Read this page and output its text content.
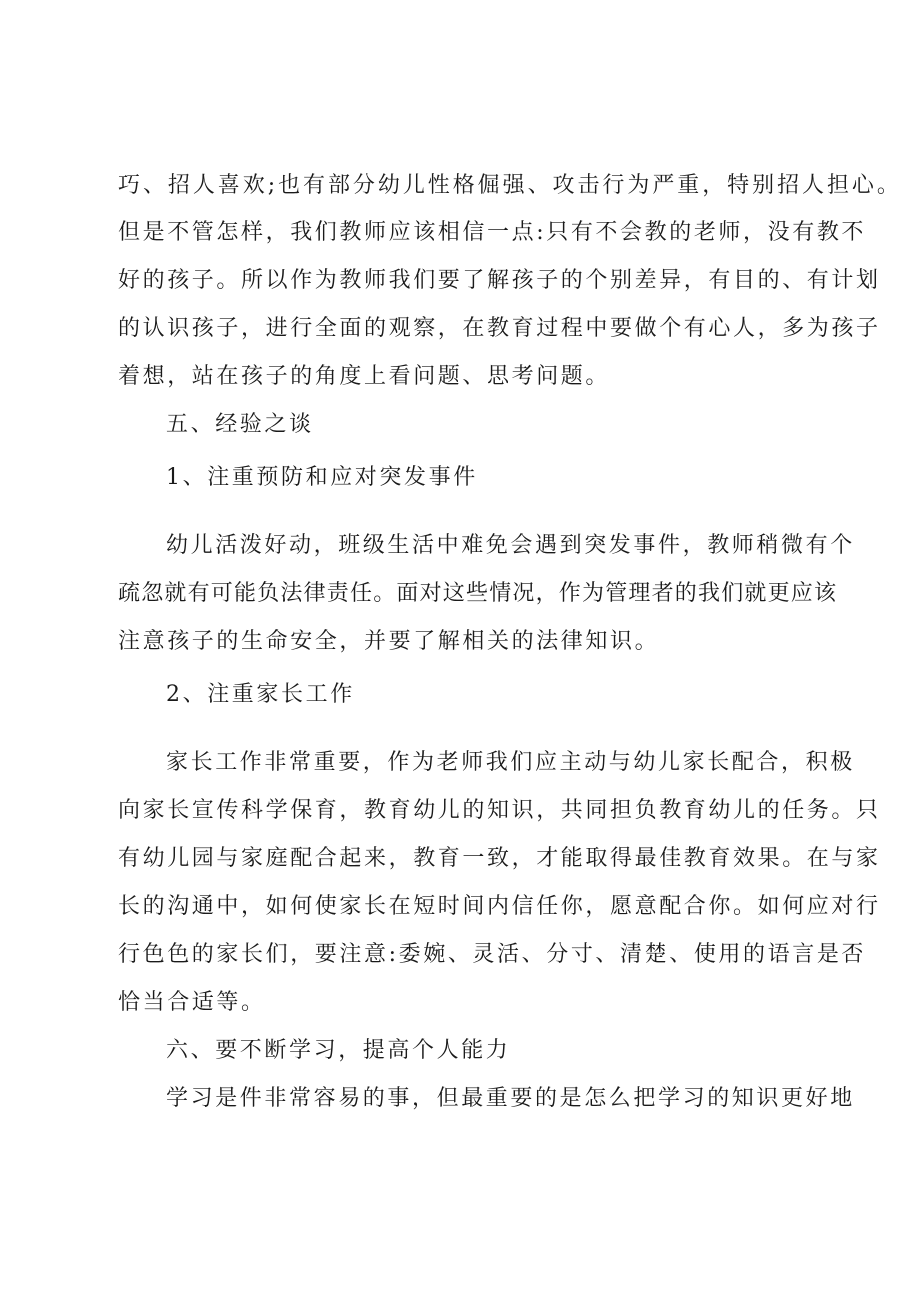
巧、招人喜欢;也有部分幼儿性格倔强、攻击行为严重，特别招人担心。
但是不管怎样，我们教师应该相信一点:只有不会教的老师，没有教不
好的孩子。所以作为教师我们要了解孩子的个别差异，有目的、有计划
的认识孩子，进行全面的观察，在教育过程中要做个有心人，多为孩子
着想，站在孩子的角度上看问题、思考问题。
五、经验之谈
1、注重预防和应对突发事件
幼儿活泼好动，班级生活中难免会遇到突发事件，教师稍微有个
疏忽就有可能负法律责任。面对这些情况，作为管理者的我们就更应该
注意孩子的生命安全，并要了解相关的法律知识。
2、注重家长工作
家长工作非常重要，作为老师我们应主动与幼儿家长配合，积极
向家长宣传科学保育，教育幼儿的知识，共同担负教育幼儿的任务。只
有幼儿园与家庭配合起来，教育一致，才能取得最佳教育效果。在与家
长的沟通中，如何使家长在短时间内信任你，愿意配合你。如何应对行
行色色的家长们，要注意:委婉、灵活、分寸、清楚、使用的语言是否
恰当合适等。
六、要不断学习，提高个人能力
学习是件非常容易的事，但最重要的是怎么把学习的知识更好地
